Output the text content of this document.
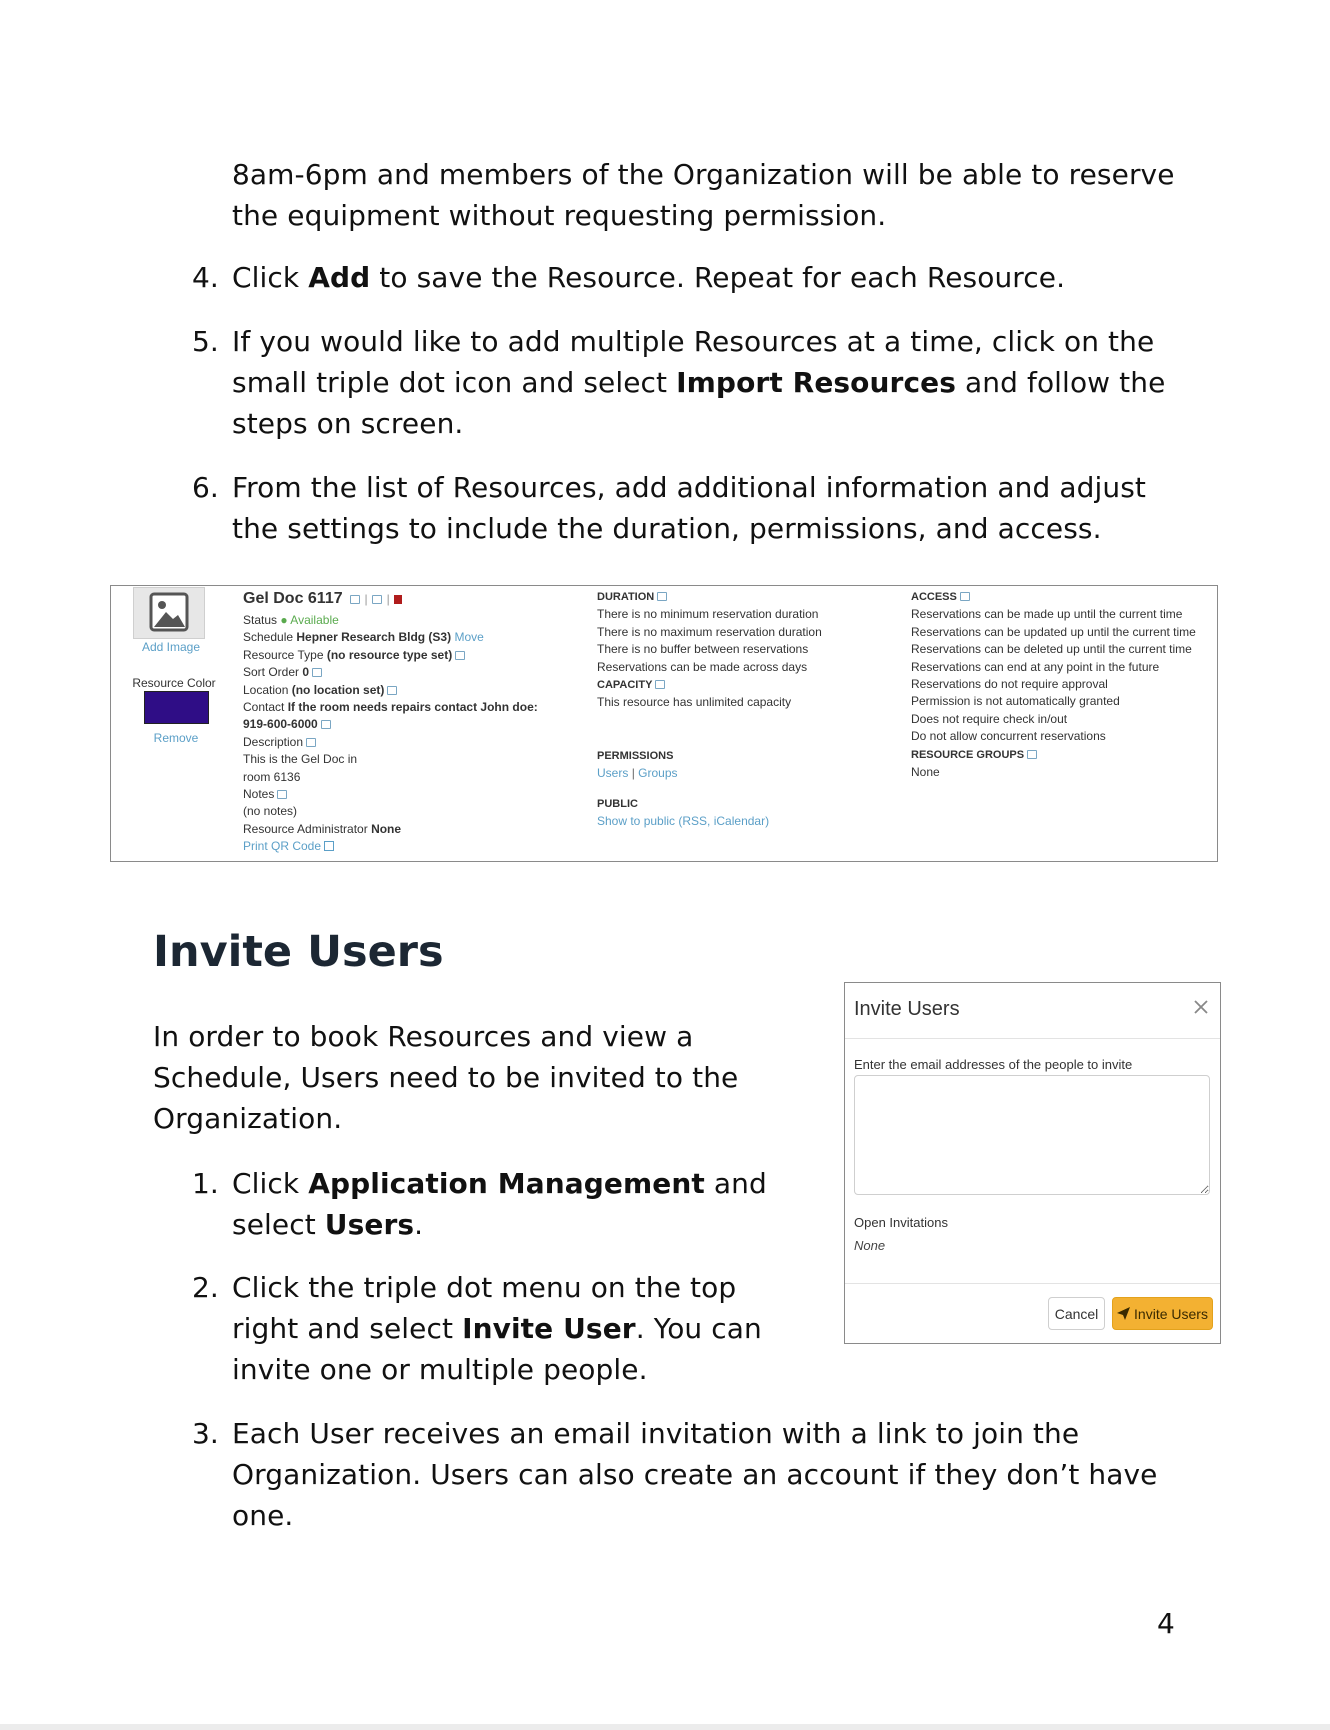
8am-6pm and members of the Organization will be able to reserve the equipment without requesting permission.
4. Click Add to save the Resource. Repeat for each Resource.
5. If you would like to add multiple Resources at a time, click on the small triple dot icon and select Import Resources and follow the steps on screen.
6. From the list of Resources, add additional information and adjust the settings to include the duration, permissions, and access.
Add Image
Resource Color
Remove
Gel Doc 6117 | |
Status ● Available
Schedule Hepner Research Bldg (S3) Move
Resource Type (no resource type set)
Sort Order 0
Location (no location set)
Contact If the room needs repairs contact John doe:
919-600-6000
Description
This is the Gel Doc in
room 6136
Notes
(no notes)
Resource Administrator None
Print QR Code
DURATION
There is no minimum reservation duration
There is no maximum reservation duration
There is no buffer between reservations
Reservations can be made across days
CAPACITY
This resource has unlimited capacity
PERMISSIONS
Users | Groups
PUBLIC
Show to public (RSS, iCalendar)
ACCESS
Reservations can be made up until the current time
Reservations can be updated up until the current time
Reservations can be deleted up until the current time
Reservations can end at any point in the future
Reservations do not require approval
Permission is not automatically granted
Does not require check in/out
Do not allow concurrent reservations
RESOURCE GROUPS
None
Invite Users
In order to book Resources and view a Schedule, Users need to be invited to the Organization.
1. Click Application Management and select Users.
2. Click the triple dot menu on the top right and select Invite User. You can invite one or multiple people.
3. Each User receives an email invitation with a link to join the Organization. Users can also create an account if they don’t have one.
Invite Users
Enter the email addresses of the people to invite
Open Invitations
None
Cancel	Invite Users
4
